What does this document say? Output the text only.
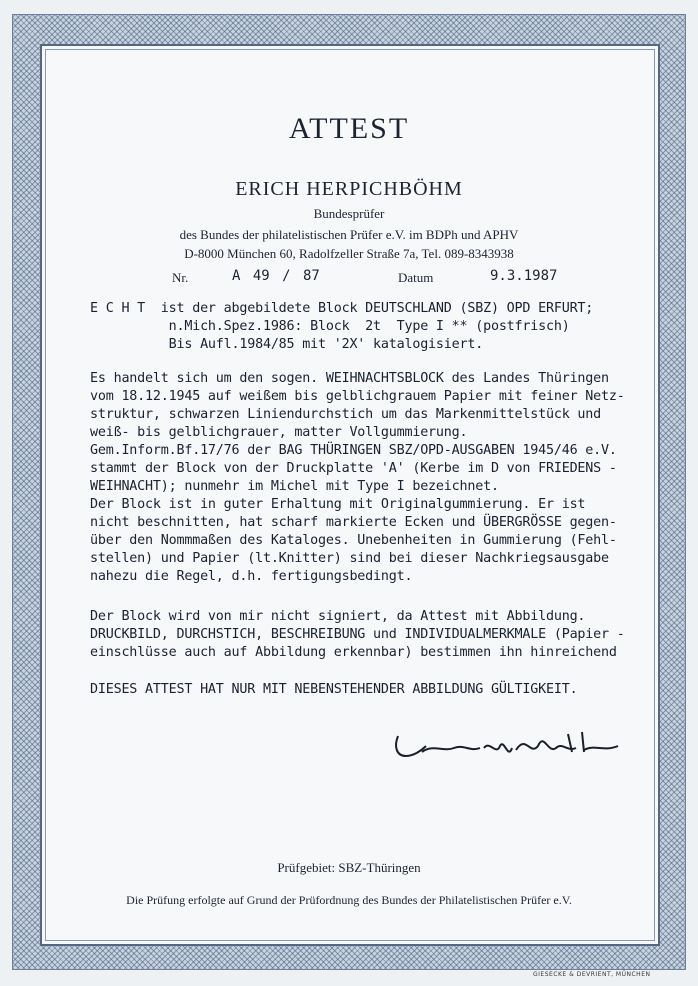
ATTEST
ERICH HERPICHBÖHM
Bundesprüfer
des Bundes der philatelistischen Prüfer e.V. im BDPh und APHV
D-8000 München 60, Radolfzeller Straße 7a, Tel. 089-8343938
Nr.	A 49 / 87	Datum	9.3.1987
E C H T  ist der abgebildete Block DEUTSCHLAND (SBZ) OPD ERFURT;
n.Mich.Spez.1986: Block  2t  Type I ** (postfrisch)
Bis Aufl.1984/85 mit '2X' katalogisiert.
Es handelt sich um den sogen. WEIHNACHTSBLOCK des Landes Thüringen
vom 18.12.1945 auf weißem bis gelblichgrauem Papier mit feiner Netz-
struktur, schwarzen Liniendurchstich um das Markenmittelstück und
weiß- bis gelblichgrauer, matter Vollgummierung.
Gem.Inform.Bf.17/76 der BAG THÜRINGEN SBZ/OPD-AUSGABEN 1945/46 e.V.
stammt der Block von der Druckplatte 'A' (Kerbe im D von FRIEDENS -
WEIHNACHT); nunmehr im Michel mit Type I bezeichnet.
Der Block ist in guter Erhaltung mit Originalgummierung. Er ist
nicht beschnitten, hat scharf markierte Ecken und ÜBERGRÖSSE gegen-
über den Nommmaßen des Kataloges. Unebenheiten in Gummierung (Fehl-
stellen) und Papier (lt.Knitter) sind bei dieser Nachkriegsausgabe
nahezu die Regel, d.h. fertigungsbedingt.
Der Block wird von mir nicht signiert, da Attest mit Abbildung.
DRUCKBILD, DURCHSTICH, BESCHREIBUNG und INDIVIDUALMERKMALE (Papier -
einschlüsse auch auf Abbildung erkennbar) bestimmen ihn hinreichend
DIESES ATTEST HAT NUR MIT NEBENSTEHENDER ABBILDUNG GÜLTIGKEIT.
Prüfgebiet: SBZ-Thüringen
Die Prüfung erfolgte auf Grund der Prüfordnung des Bundes der Philatelistischen Prüfer e.V.
GIESECKE & DEVRIENT, MÜNCHEN
